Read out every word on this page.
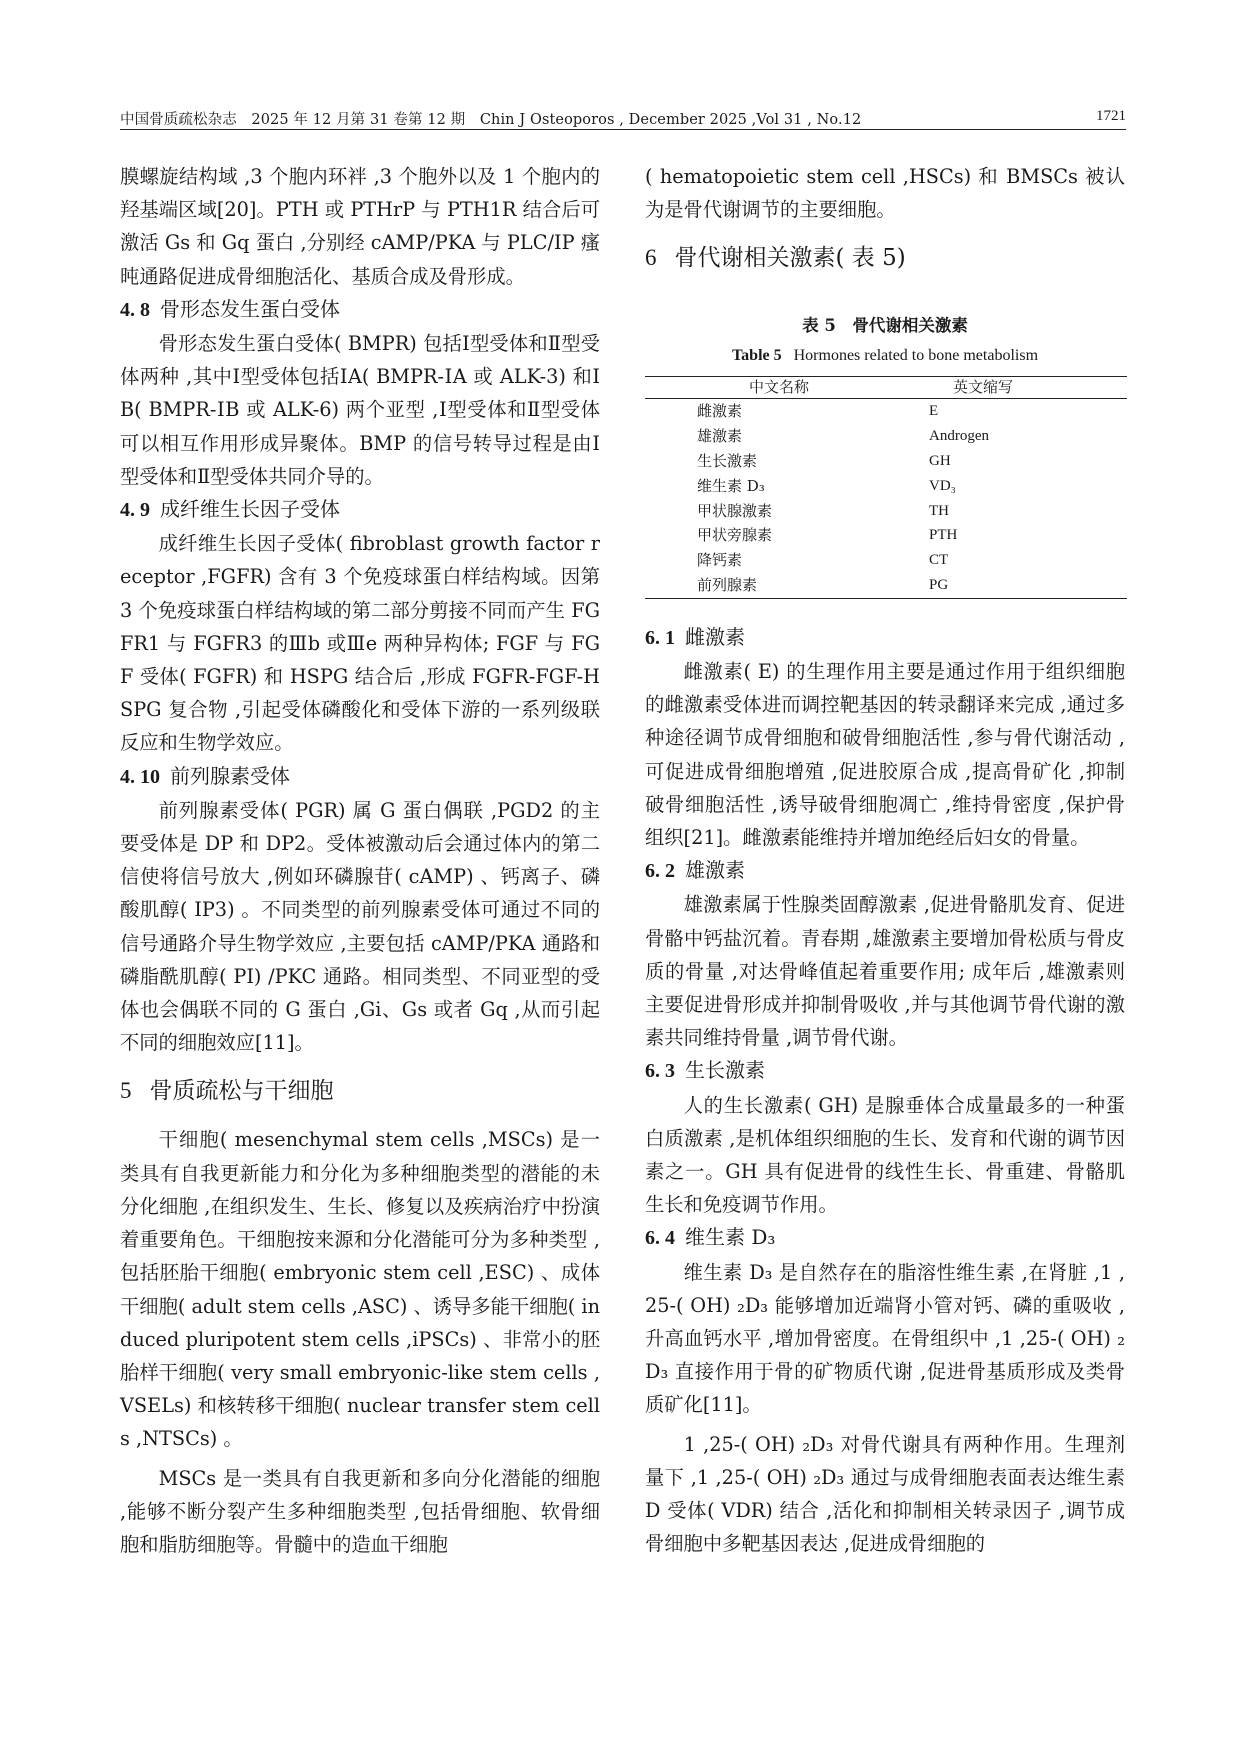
中国骨质疏松杂志　2025 年 12 月第 31 卷第 12 期　Chin J Osteoporos , December 2025 ,Vol 31 , No.12	1721

膜螺旋结构域 ,3 个胞内环袢 ,3 个胞外以及 1 个胞内的羟基端区域[20]。PTH 或 PTHrP 与 PTH1R 结合后可激活 Gs 和 Gq 蛋白 ,分别经 cAMP/PKA 与 PLC/IP 瘙旽通路促进成骨细胞活化、基质合成及骨形成。

4. 8 骨形态发生蛋白受体

骨形态发生蛋白受体( BMPR) 包括Ⅰ型受体和Ⅱ型受体两种 ,其中Ⅰ型受体包括ⅠA( BMPR-ⅠA 或 ALK-3) 和ⅠB( BMPR-ⅠB 或 ALK-6) 两个亚型 ,Ⅰ型受体和Ⅱ型受体可以相互作用形成异聚体。BMP 的信号转导过程是由Ⅰ型受体和Ⅱ型受体共同介导的。

4. 9 成纤维生长因子受体

成纤维生长因子受体( fibroblast growth factor receptor ,FGFR) 含有 3 个免疫球蛋白样结构域。因第 3 个免疫球蛋白样结构域的第二部分剪接不同而产生 FGFR1 与 FGFR3 的Ⅲb 或Ⅲe 两种异构体; FGF 与 FGF 受体( FGFR) 和 HSPG 结合后 ,形成 FGFR-FGF-HSPG 复合物 ,引起受体磷酸化和受体下游的一系列级联反应和生物学效应。

4. 10 前列腺素受体

前列腺素受体( PGR) 属 G 蛋白偶联 ,PGD2 的主要受体是 DP 和 DP2。受体被激动后会通过体内的第二信使将信号放大 ,例如环磷腺苷( cAMP) 、钙离子、磷酸肌醇( IP3) 。不同类型的前列腺素受体可通过不同的信号通路介导生物学效应 ,主要包括 cAMP/PKA 通路和磷脂酰肌醇( PI) /PKC 通路。相同类型、不同亚型的受体也会偶联不同的 G 蛋白 ,Gi、Gs 或者 Gq ,从而引起不同的细胞效应[11]。

5 骨质疏松与干细胞

干细胞( mesenchymal stem cells ,MSCs) 是一类具有自我更新能力和分化为多种细胞类型的潜能的未分化细胞 ,在组织发生、生长、修复以及疾病治疗中扮演着重要角色。干细胞按来源和分化潜能可分为多种类型 ,包括胚胎干细胞( embryonic stem cell ,ESC) 、成体干细胞( adult stem cells ,ASC) 、诱导多能干细胞( induced pluripotent stem cells ,iPSCs) 、非常小的胚胎样干细胞( very small embryonic-like stem cells ,VSELs) 和核转移干细胞( nuclear transfer stem cells ,NTSCs) 。

MSCs 是一类具有自我更新和多向分化潜能的细胞 ,能够不断分裂产生多种细胞类型 ,包括骨细胞、软骨细胞和脂肪细胞等。骨髓中的造血干细胞

( hematopoietic stem cell ,HSCs) 和 BMSCs 被认为是骨代谢调节的主要细胞。

6 骨代谢相关激素( 表 5)
表 5　骨代谢相关激素
Table 5 Hormones related to bone metabolism
中文名称	英文缩写
雌激素	E
雄激素	Androgen
生长激素	GH
维生素 D₃	VD₃
甲状腺激素	TH
甲状旁腺素	PTH
降钙素	CT
前列腺素	PG
6. 1 雌激素

雌激素( E) 的生理作用主要是通过作用于组织细胞的雌激素受体进而调控靶基因的转录翻译来完成 ,通过多种途径调节成骨细胞和破骨细胞活性 ,参与骨代谢活动 ,可促进成骨细胞增殖 ,促进胶原合成 ,提高骨矿化 ,抑制破骨细胞活性 ,诱导破骨细胞凋亡 ,维持骨密度 ,保护骨组织[21]。雌激素能维持并增加绝经后妇女的骨量。

6. 2 雄激素

雄激素属于性腺类固醇激素 ,促进骨骼肌发育、促进骨骼中钙盐沉着。青春期 ,雄激素主要增加骨松质与骨皮质的骨量 ,对达骨峰值起着重要作用; 成年后 ,雄激素则主要促进骨形成并抑制骨吸收 ,并与其他调节骨代谢的激素共同维持骨量 ,调节骨代谢。

6. 3 生长激素

人的生长激素( GH) 是腺垂体合成量最多的一种蛋白质激素 ,是机体组织细胞的生长、发育和代谢的调节因素之一。GH 具有促进骨的线性生长、骨重建、骨骼肌生长和免疫调节作用。

6. 4 维生素 D₃

维生素 D₃ 是自然存在的脂溶性维生素 ,在肾脏 ,1 ,25-( OH) ₂D₃ 能够增加近端肾小管对钙、磷的重吸收 ,升高血钙水平 ,增加骨密度。在骨组织中 ,1 ,25-( OH) ₂D₃ 直接作用于骨的矿物质代谢 ,促进骨基质形成及类骨质矿化[11]。

1 ,25-( OH) ₂D₃ 对骨代谢具有两种作用。生理剂量下 ,1 ,25-( OH) ₂D₃ 通过与成骨细胞表面表达维生素 D 受体( VDR) 结合 ,活化和抑制相关转录因子 ,调节成骨细胞中多靶基因表达 ,促进成骨细胞的
